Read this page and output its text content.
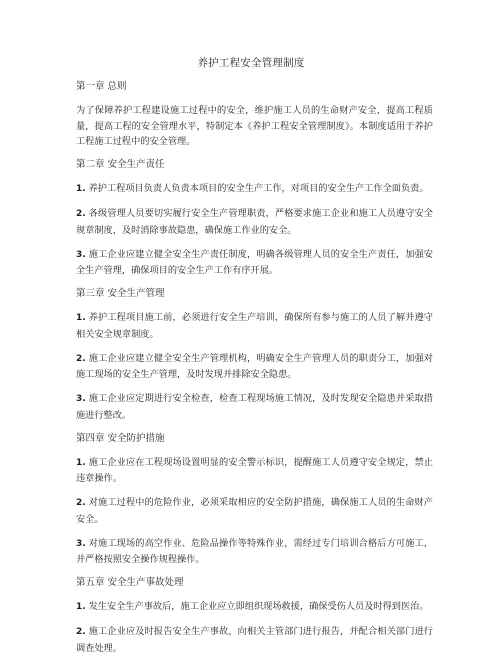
养护工程安全管理制度
第一章 总则
为了保障养护工程建设施工过程中的安全，维护施工人员的生命财产安全，提高工程质量，提高工程的安全管理水平，特制定本《养护工程安全管理制度》。本制度适用于养护工程施工过程中的安全管理。
第二章 安全生产责任
1. 养护工程项目负责人负责本项目的安全生产工作，对项目的安全生产工作全面负责。
2. 各级管理人员要切实履行安全生产管理职责，严格要求施工企业和施工人员遵守安全规章制度，及时消除事故隐患，确保施工作业的安全。
3. 施工企业应建立健全安全生产责任制度，明确各级管理人员的安全生产责任，加强安全生产管理，确保项目的安全生产工作有序开展。
第三章 安全生产管理
1. 养护工程项目施工前，必须进行安全生产培训，确保所有参与施工的人员了解并遵守相关安全规章制度。
2. 施工企业应建立健全安全生产管理机构，明确安全生产管理人员的职责分工，加强对施工现场的安全生产管理，及时发现并排除安全隐患。
3. 施工企业应定期进行安全检查，检查工程现场施工情况，及时发现安全隐患并采取措施进行整改。
第四章 安全防护措施
1. 施工企业应在工程现场设置明显的安全警示标识，提醒施工人员遵守安全规定，禁止违章操作。
2. 对施工过程中的危险作业，必须采取相应的安全防护措施，确保施工人员的生命财产安全。
3. 对施工现场的高空作业、危险品操作等特殊作业，需经过专门培训合格后方可施工，并严格按照安全操作规程操作。
第五章 安全生产事故处理
1. 发生安全生产事故后，施工企业应立即组织现场救援，确保受伤人员及时得到医治。
2. 施工企业应及时报告安全生产事故，向相关主管部门进行报告，并配合相关部门进行调查处理。
